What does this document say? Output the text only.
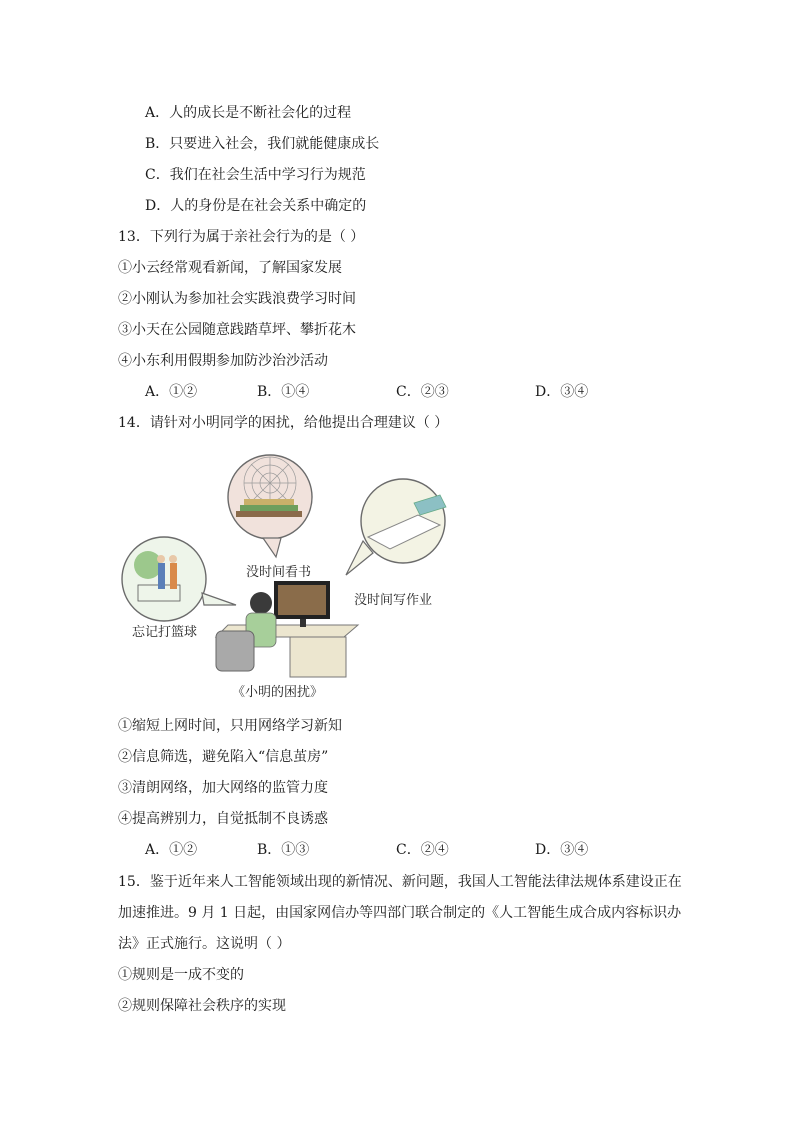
A．人的成长是不断社会化的过程
B．只要进入社会，我们就能健康成长
C．我们在社会生活中学习行为规范
D．人的身份是在社会关系中确定的
13．下列行为属于亲社会行为的是（ ）
①小云经常观看新闻，了解国家发展
②小刚认为参加社会实践浪费学习时间
③小天在公园随意践踏草坪、攀折花木
④小东利用假期参加防沙治沙活动
A．①②	B．①④	C．②③	D．③④
14．请针对小明同学的困扰，给他提出合理建议（ ）
没时间看书
没时间写作业
忘记打篮球
《小明的困扰》
①缩短上网时间，只用网络学习新知
②信息筛选，避免陷入“信息茧房”
③清朗网络，加大网络的监管力度
④提高辨别力，自觉抵制不良诱惑
A．①②	B．①③	C．②④	D．③④
15．鉴于近年来人工智能领域出现的新情况、新问题，我国人工智能法律法规体系建设正在
加速推进。9 月 1 日起，由国家网信办等四部门联合制定的《人工智能生成合成内容标识办
法》正式施行。这说明（ ）
①规则是一成不变的
②规则保障社会秩序的实现
